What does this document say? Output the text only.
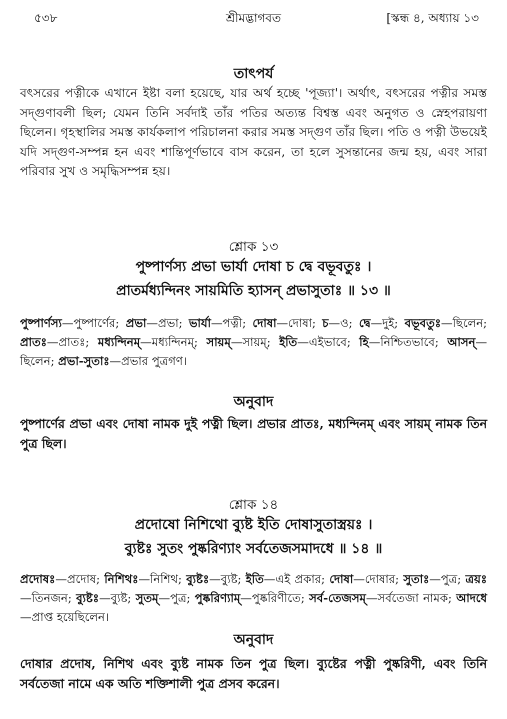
৫৩৮	শ্রীমদ্ভাগবত	[স্কন্ধ ৪, অধ্যায় ১৩
তাৎপর্য

বৎসরের পত্নীকে এখানে ইষ্টা বলা হয়েছে, যার অর্থ হচ্ছে 'পূজ্যা'। অর্থাৎ, বৎসরের পত্নীর সমস্ত সদ্গুণাবলী ছিল; যেমন তিনি সর্বদাই তাঁর পতির অত্যন্ত বিশ্বস্ত এবং অনুগত ও স্নেহপরায়ণা ছিলেন। গৃহস্থালির সমস্ত কার্যকলাপ পরিচালনা করার সমস্ত সদ্গুণ তাঁর ছিল। পতি ও পত্নী উভয়েই যদি সদ্গুণ-সম্পন্ন হন এবং শান্তিপূর্ণভাবে বাস করেন, তা হলে সুসন্তানের জন্ম হয়, এবং সারা পরিবার সুখ ও সমৃদ্ধিসম্পন্ন হয়।

শ্লোক ১৩

পুষ্পার্ণস্য প্রভা ভার্যা দোষা চ দ্বে বভূবতুঃ ।

প্রাতর্মধ্যন্দিনং সায়মিতি হ্যাসন্ প্রভাসুতাঃ ॥ ১৩ ॥

পুষ্পার্ণস্য—পুষ্পার্ণের; প্রভা—প্রভা; ভার্যা—পত্নী; দোষা—দোষা; চ—ও; দ্বে—দুই; বভূবতুঃ—ছিলেন; প্রাতঃ—প্রাতঃ; মধ্যন্দিনম্—মধ্যন্দিনম্; সায়ম্—সায়ম্; ইতি—এইভাবে; হি—নিশ্চিতভাবে; আসন্—ছিলেন; প্রভা-সুতাঃ—প্রভার পুত্রগণ।

অনুবাদ

পুষ্পার্ণের প্রভা এবং দোষা নামক দুই পত্নী ছিল। প্রভার প্রাতঃ, মধ্যন্দিনম্ এবং সায়ম্ নামক তিন পুত্র ছিল।

শ্লোক ১৪

প্রদোষো নিশিথো ব্যুষ্ট ইতি দোষাসুতাস্ত্রয়ঃ ।

ব্যুষ্টঃ সুতং পুষ্করিণ্যাং সর্বতেজসমাদধে ॥ ১৪ ॥

প্রদোষঃ—প্রদোষ; নিশিথঃ—নিশিথ; ব্যুষ্টঃ—ব্যুষ্ট; ইতি—এই প্রকার; দোষা—দোষার; সুতাঃ—পুত্র; ত্রয়ঃ—তিনজন; ব্যুষ্টঃ—ব্যুষ্ট; সুতম্—পুত্র; পুষ্করিণ্যাম্—পুষ্করিণীতে; সর্ব-তেজসম্—সর্বতেজা নামক; আদধে—প্রাপ্ত হয়েছিলেন।

অনুবাদ

দোষার প্রদোষ, নিশিথ এবং ব্যুষ্ট নামক তিন পুত্র ছিল। ব্যুষ্টের পত্নী পুষ্করিণী, এবং তিনি সর্বতেজা নামে এক অতি শক্তিশালী পুত্র প্রসব করেন।
